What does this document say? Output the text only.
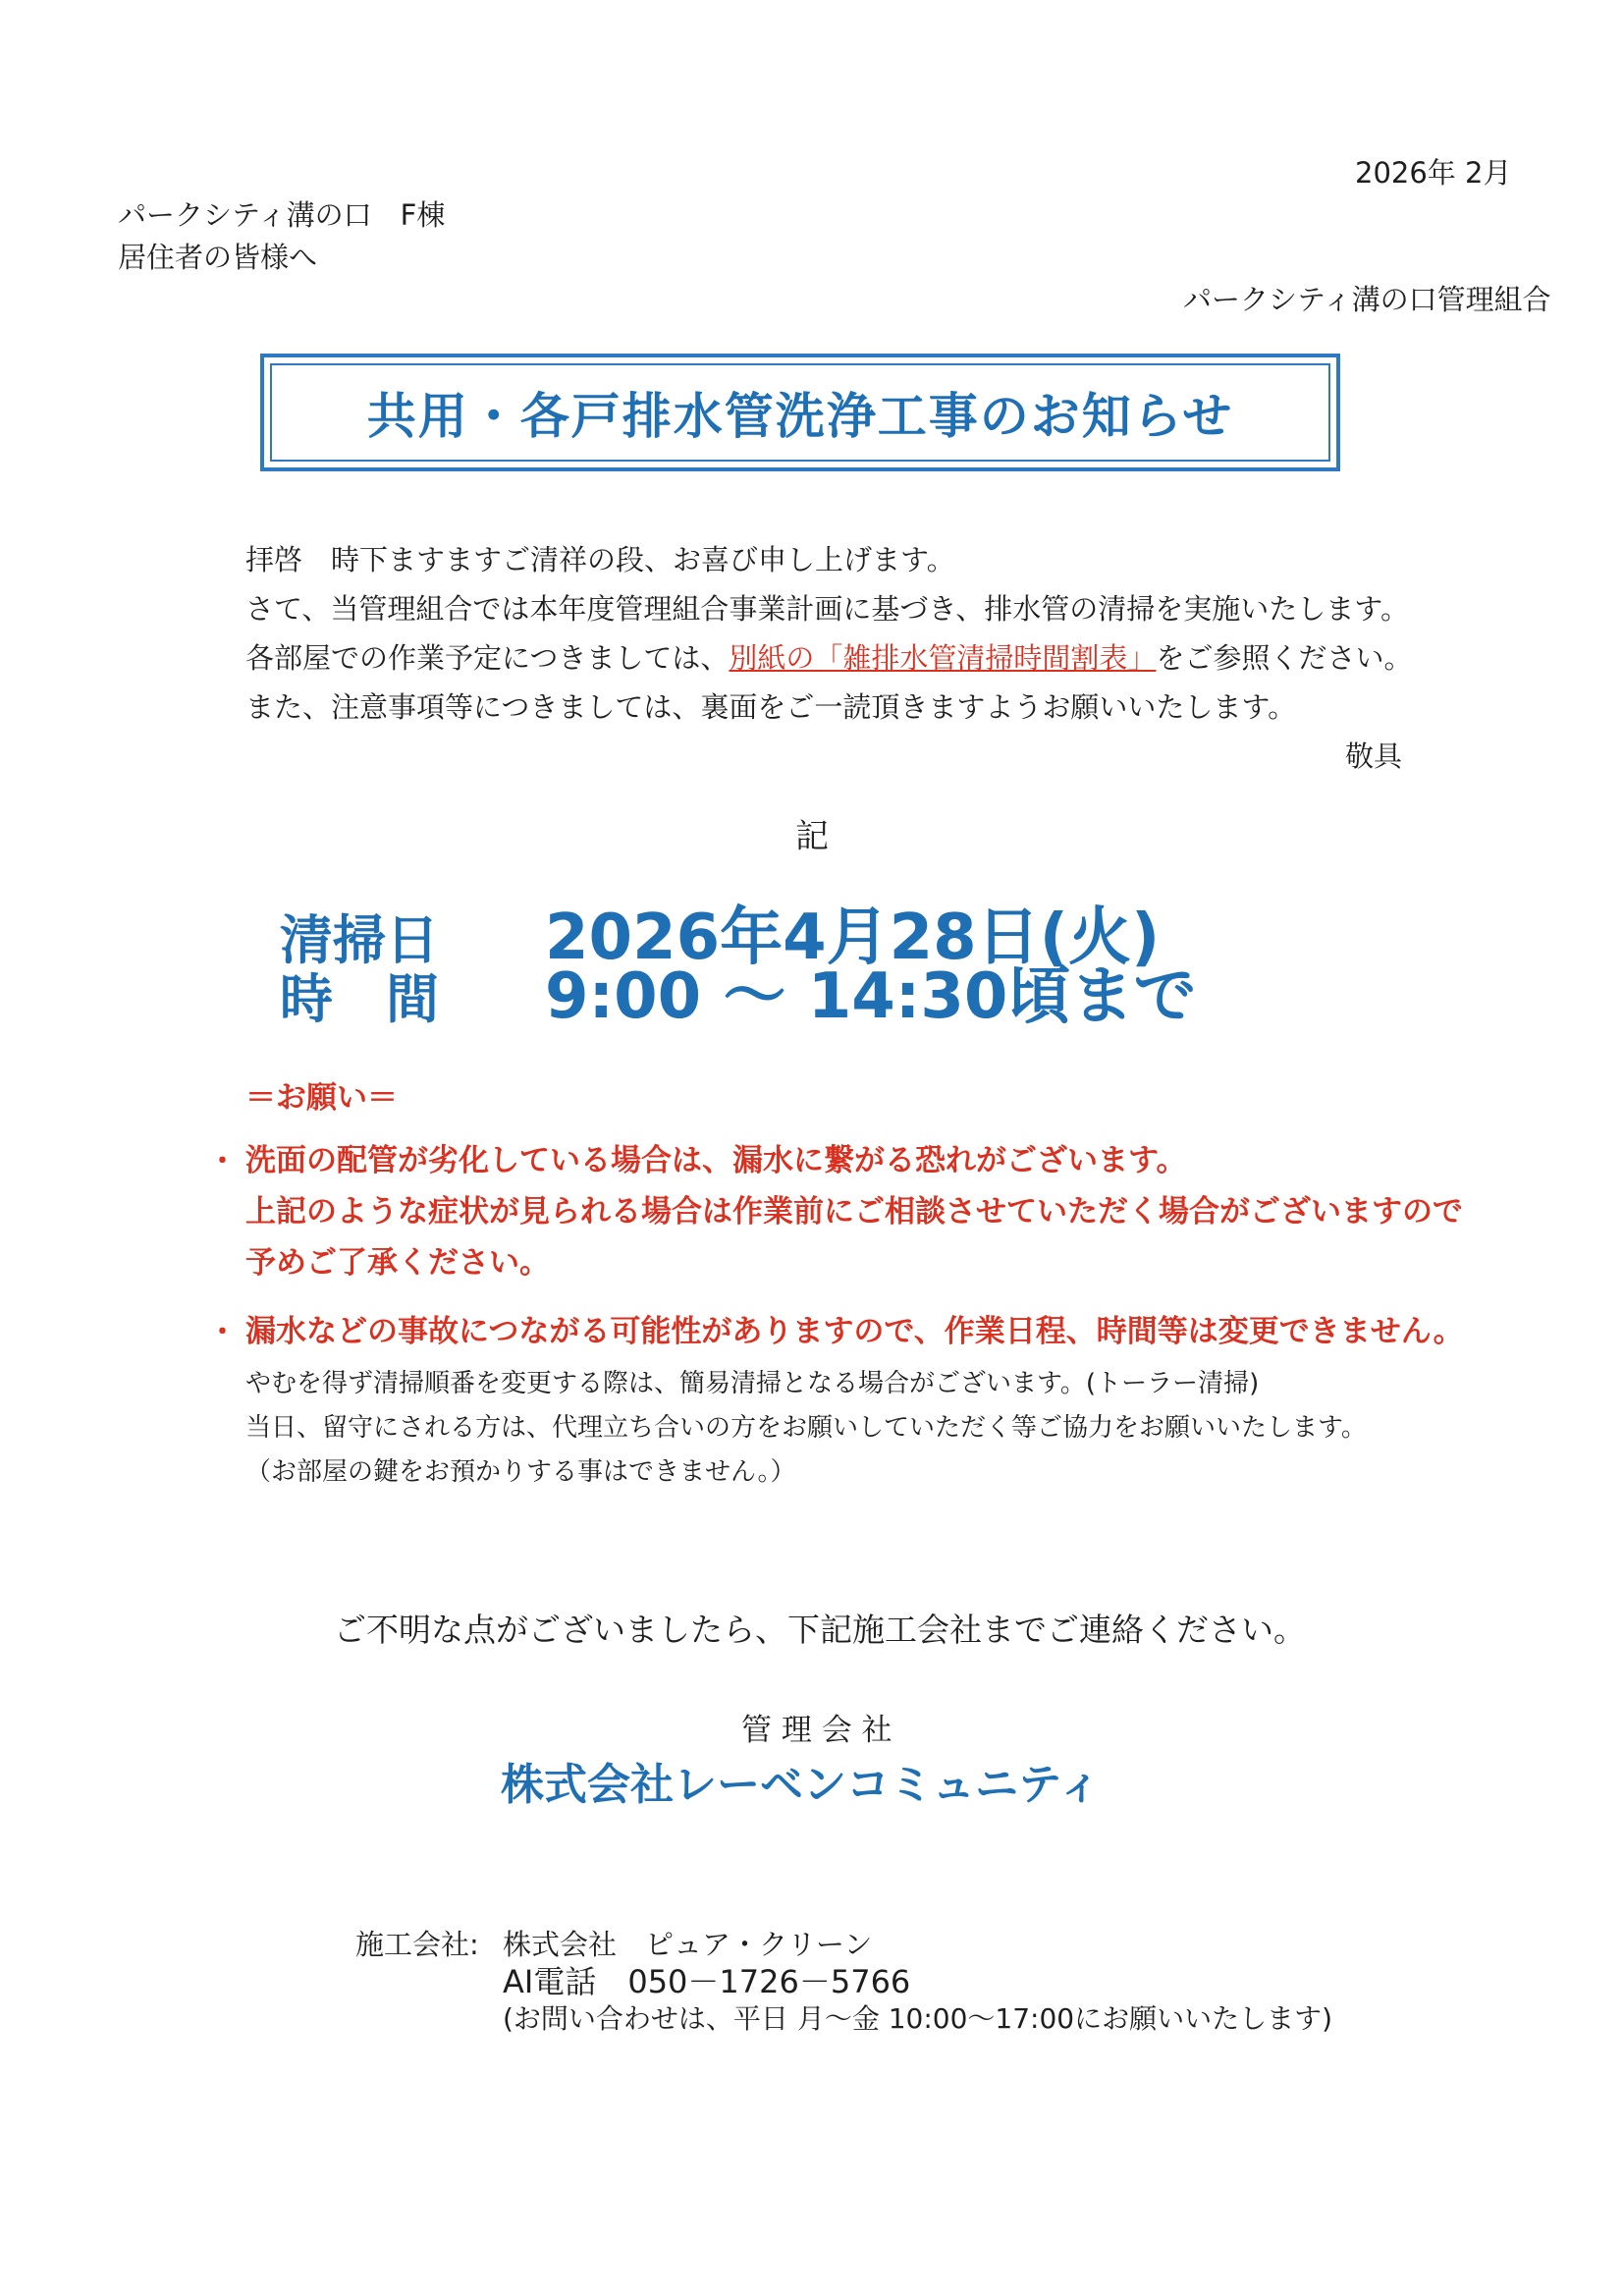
2026年 2月
パークシティ溝の口　F棟
居住者の皆様へ
パークシティ溝の口管理組合
共用・各戸排水管洗浄工事のお知らせ
拝啓　時下ますますご清祥の段、お喜び申し上げます。
さて、当管理組合では本年度管理組合事業計画に基づき、排水管の清掃を実施いたします。
各部屋での作業予定につきましては、別紙の「雑排水管清掃時間割表」をご参照ください。
また、注意事項等につきましては、裏面をご一読頂きますようお願いいたします。
敬具
記
清掃日 2026年4月28日(火)
時　間 9:00 ～ 14:30頃まで
＝お願い＝
・ 洗面の配管が劣化している場合は、漏水に繋がる恐れがございます。
上記のような症状が見られる場合は作業前にご相談させていただく場合がございますので
予めご了承ください。
・ 漏水などの事故につながる可能性がありますので、作業日程、時間等は変更できません。
やむを得ず清掃順番を変更する際は、簡易清掃となる場合がございます。(トーラー清掃)
当日、留守にされる方は、代理立ち合いの方をお願いしていただく等ご協力をお願いいたします。
（お部屋の鍵をお預かりする事はできません。）
ご不明な点がございましたら、下記施工会社までご連絡ください。
管 理 会 社
株式会社レーベンコミュニティ
施工会社: 株式会社　ピュア・クリーン
AI電話　050－1726－5766
(お問い合わせは、平日 月～金 10:00～17:00にお願いいたします)
